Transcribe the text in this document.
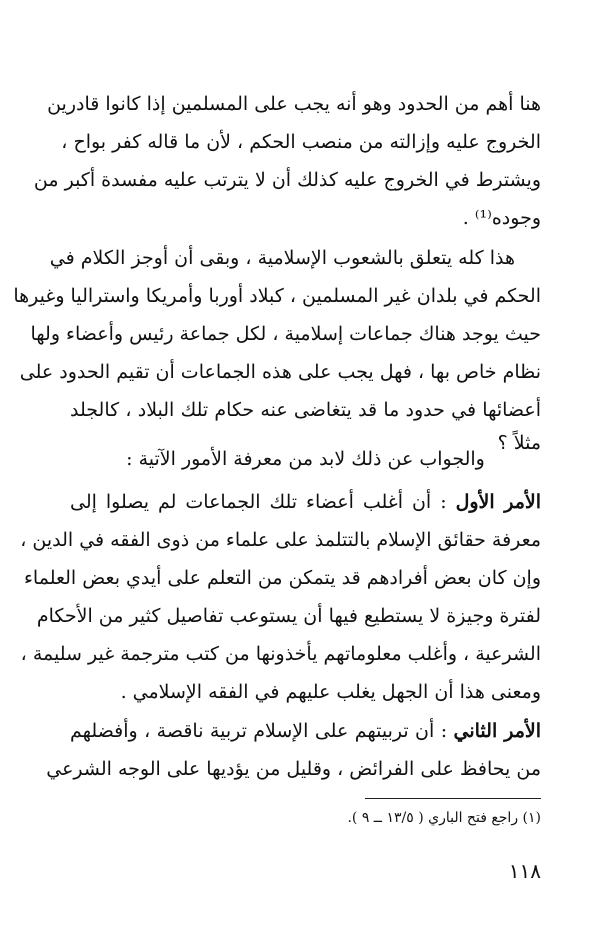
هنا أهم من الحدود وهو أنه يجب على المسلمين إذا كانوا قادرين
الخروج عليه وإزالته من منصب الحكم ، لأن ما قاله كفر بواح ،
ويشترط في الخروج عليه كذلك أن لا يترتب عليه مفسدة أكبر من
وجوده⁽¹⁾ .
هذا كله يتعلق بالشعوب الإسلامية ، وبقى أن أوجز الكلام في
الحكم في بلدان غير المسلمين ، كبلاد أوربا وأمريكا واستراليا وغيرها
حيث يوجد هناك جماعات إسلامية ، لكل جماعة رئيس وأعضاء ولها
نظام خاص بها ، فهل يجب على هذه الجماعات أن تقيم الحدود على
أعضائها في حدود ما قد يتغاضى عنه حكام تلك البلاد ، كالجلد
مثلاً ؟
والجواب عن ذلك لابد من معرفة الأمور الآتية :
الأمر الأول : أن أغلب أعضاء تلك الجماعات لم يصلوا إلى
معرفة حقائق الإسلام بالتتلمذ على علماء من ذوى الفقه في الدين ،
وإن كان بعض أفرادهم قد يتمكن من التعلم على أيدي بعض العلماء
لفترة وجيزة لا يستطيع فيها أن يستوعب تفاصيل كثير من الأحكام
الشرعية ، وأغلب معلوماتهم يأخذونها من كتب مترجمة غير سليمة ،
ومعنى هذا أن الجهل يغلب عليهم في الفقه الإسلامي .
الأمر الثاني : أن تربيتهم على الإسلام تربية ناقصة ، وأفضلهم
من يحافظ على الفرائض ، وقليل من يؤديها على الوجه الشرعي
(١) راجع فتح الباري ( ١٣/٥ ــ ٩ ).
١١٨
